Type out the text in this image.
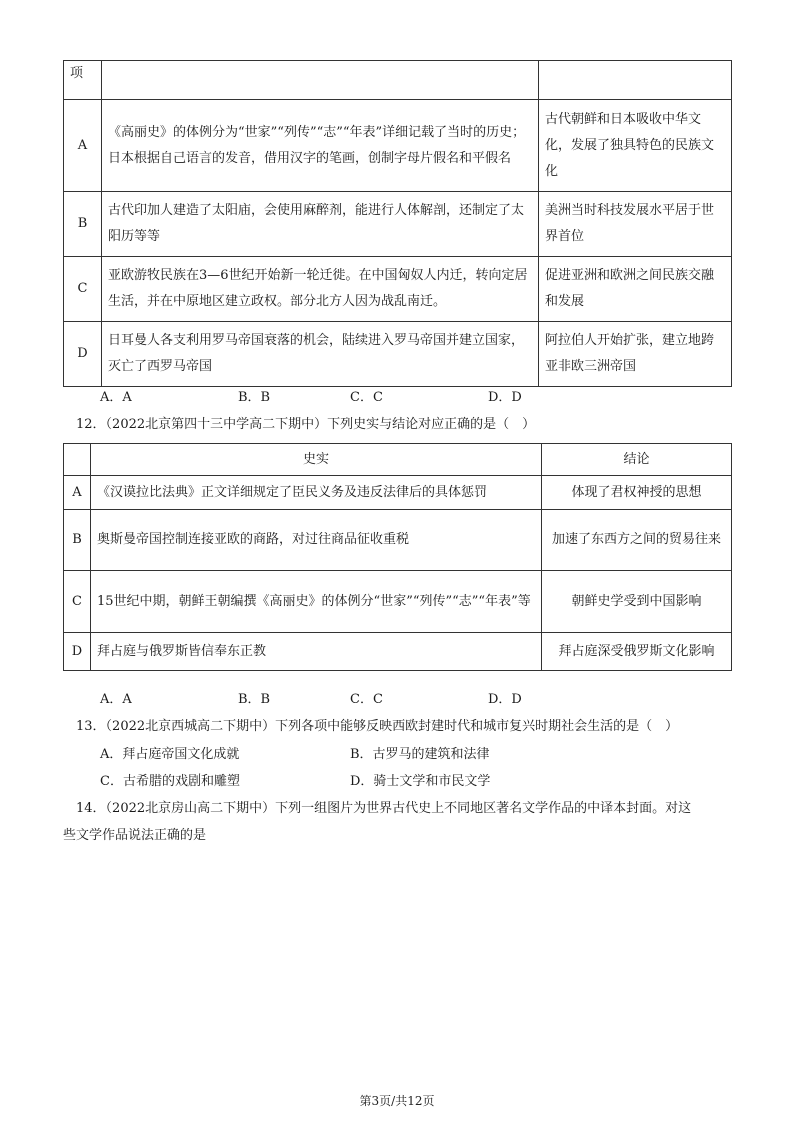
项		
A	《高丽史》的体例分为“世家”“列传”“志”“年表”详细记载了当时的历史；日本根据自己语言的发音，借用汉字的笔画，创制字母片假名和平假名	古代朝鲜和日本吸收中华文化，发展了独具特色的民族文化
B	古代印加人建造了太阳庙，会使用麻醉剂，能进行人体解剖，还制定了太阳历等等	美洲当时科技发展水平居于世界首位
C	亚欧游牧民族在3—6世纪开始新一轮迁徙。在中国匈奴人内迁，转向定居生活，并在中原地区建立政权。部分北方人因为战乱南迁。	促进亚洲和欧洲之间民族交融和发展
D	日耳曼人各支利用罗马帝国衰落的机会，陆续进入罗马帝国并建立国家，灭亡了西罗马帝国	阿拉伯人开始扩张，建立地跨亚非欧三洲帝国
A．A	B．B	C．C	D．D
12．（2022北京第四十三中学高二下期中）下列史实与结论对应正确的是（　）
	史实	结论
A	《汉谟拉比法典》正文详细规定了臣民义务及违反法律后的具体惩罚	体现了君权神授的思想
B	奥斯曼帝国控制连接亚欧的商路，对过往商品征收重税	加速了东西方之间的贸易往来
C	15世纪中期，朝鲜王朝编撰《高丽史》的体例分“世家”“列传”“志”“年表”等	朝鲜史学受到中国影响
D	拜占庭与俄罗斯皆信奉东正教	拜占庭深受俄罗斯文化影响
A．A	B．B	C．C	D．D
13．（2022北京西城高二下期中）下列各项中能够反映西欧封建时代和城市复兴时期社会生活的是（　）
A．拜占庭帝国文化成就	B．古罗马的建筑和法律
C．古希腊的戏剧和雕塑	D．骑士文学和市民文学
14．（2022北京房山高二下期中）下列一组图片为世界古代史上不同地区著名文学作品的中译本封面。对这
些文学作品说法正确的是
第3页/共12页
